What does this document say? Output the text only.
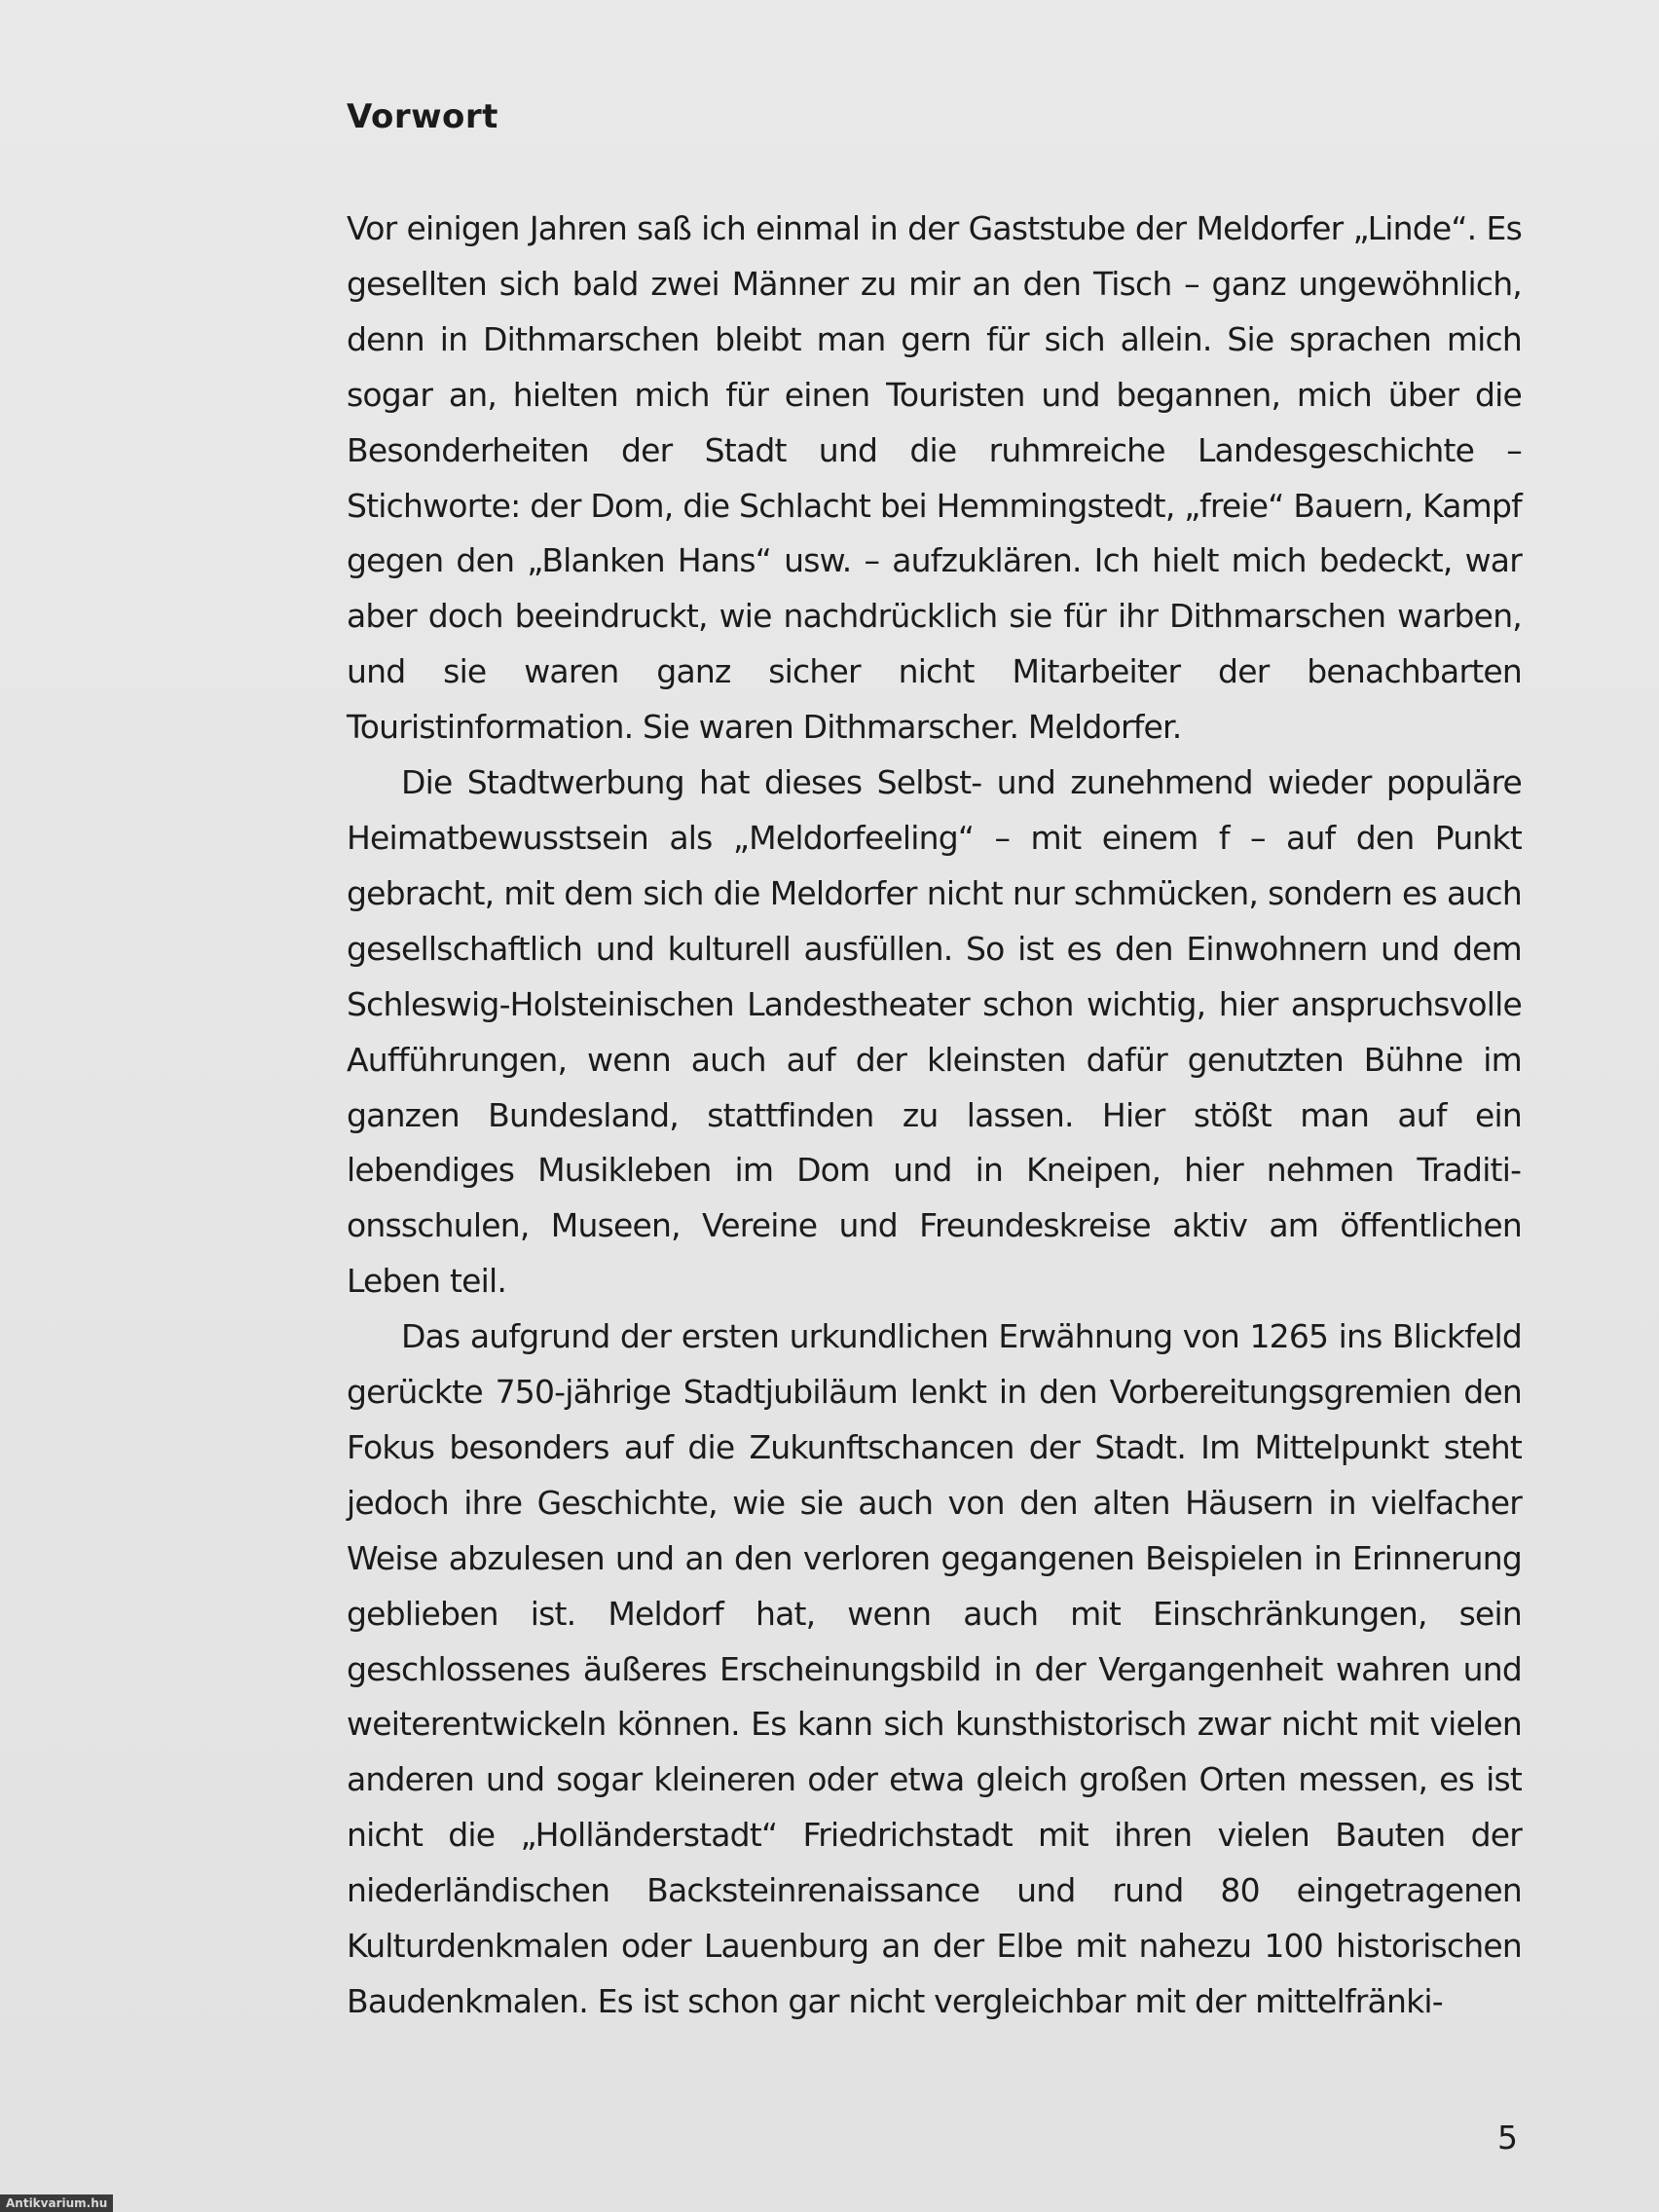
Vorwort

Vor einigen Jahren saß ich einmal in der Gaststube der Meldorfer „Linde“. Es gesellten sich bald zwei Männer zu mir an den Tisch – ganz ungewöhnlich, denn in Dithmarschen bleibt man gern für sich allein. Sie sprachen mich sogar an, hielten mich für einen Touristen und begannen, mich über die Besonderheiten der Stadt und die ruhmreiche Landesgeschichte – Stichworte: der Dom, die Schlacht bei Hemmingstedt, „freie“ Bauern, Kampf gegen den „Blanken Hans“ usw. – aufzuklären. Ich hielt mich bedeckt, war aber doch beeindruckt, wie nachdrücklich sie für ihr Dithmarschen warben, und sie waren ganz sicher nicht Mitarbeiter der benachbarten Touristinformation. Sie waren Dithmarscher. Meldorfer.

Die Stadtwerbung hat dieses Selbst- und zunehmend wieder populäre Heimatbewusstsein als „Meldorfeeling“ – mit einem f – auf den Punkt gebracht, mit dem sich die Meldorfer nicht nur schmücken, sondern es auch gesellschaftlich und kulturell ausfüllen. So ist es den Einwohnern und dem Schleswig-Holsteinischen Landestheater schon wichtig, hier anspruchsvolle Aufführungen, wenn auch auf der kleinsten dafür genutzten Bühne im ganzen Bundesland, stattfinden zu lassen. Hier stößt man auf ein lebendiges Musikleben im Dom und in Kneipen, hier nehmen Traditionsschulen, Museen, Vereine und Freundeskreise aktiv am öffentlichen Leben teil.

Das aufgrund der ersten urkundlichen Erwähnung von 1265 ins Blickfeld gerückte 750-jährige Stadtjubiläum lenkt in den Vorbereitungsgremien den Fokus besonders auf die Zukunftschancen der Stadt. Im Mittelpunkt steht jedoch ihre Geschichte, wie sie auch von den alten Häusern in vielfacher Weise abzulesen und an den verloren gegangenen Beispielen in Erinnerung geblieben ist. Meldorf hat, wenn auch mit Einschränkungen, sein geschlossenes äußeres Erscheinungsbild in der Vergangenheit wahren und weiterentwickeln können. Es kann sich kunsthistorisch zwar nicht mit vielen anderen und sogar kleineren oder etwa gleich großen Orten messen, es ist nicht die „Holländerstadt“ Friedrichstadt mit ihren vielen Bauten der niederländischen Backsteinrenaissance und rund 80 eingetragenen Kulturdenkmalen oder Lauenburg an der Elbe mit nahezu 100 historischen Baudenkmalen. Es ist schon gar nicht vergleichbar mit der mittelfränki-

5
Antikvarium.hu
